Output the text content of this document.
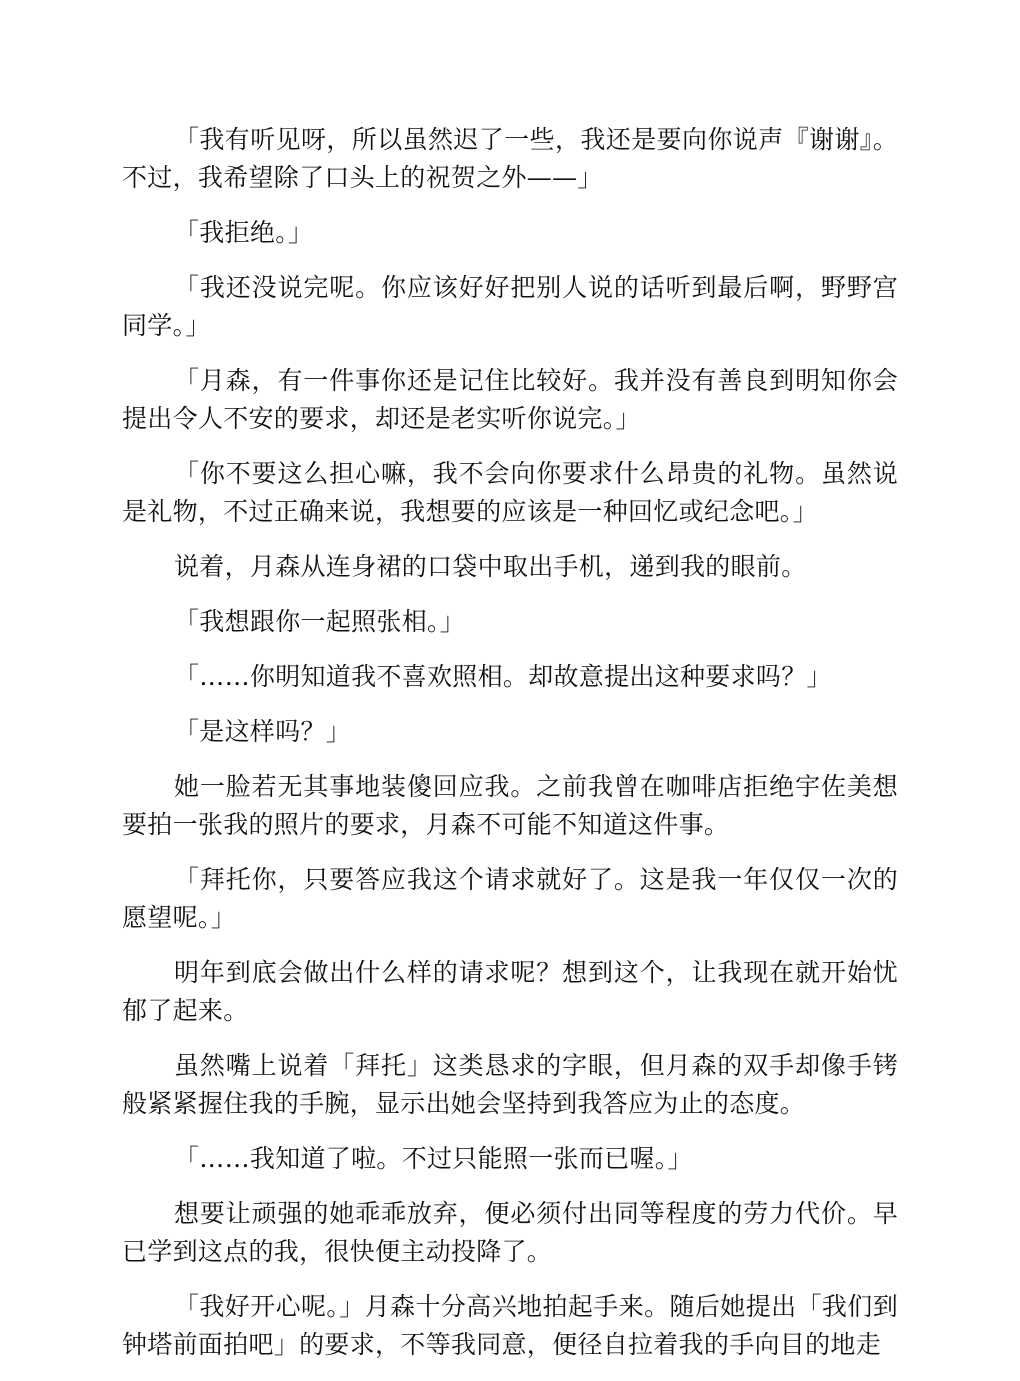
「我有听见呀，所以虽然迟了一些，我还是要向你说声『谢谢』。不过，我希望除了口头上的祝贺之外——」

「我拒绝。」

「我还没说完呢。你应该好好把别人说的话听到最后啊，野野宫同学。」

「月森，有一件事你还是记住比较好。我并没有善良到明知你会提出令人不安的要求，却还是老实听你说完。」

「你不要这么担心嘛，我不会向你要求什么昂贵的礼物。虽然说是礼物，不过正确来说，我想要的应该是一种回忆或纪念吧。」

说着，月森从连身裙的口袋中取出手机，递到我的眼前。

「我想跟你一起照张相。」

「……你明知道我不喜欢照相。却故意提出这种要求吗？」

「是这样吗？」

她一脸若无其事地装傻回应我。之前我曾在咖啡店拒绝宇佐美想要拍一张我的照片的要求，月森不可能不知道这件事。

「拜托你，只要答应我这个请求就好了。这是我一年仅仅一次的愿望呢。」

明年到底会做出什么样的请求呢？想到这个，让我现在就开始忧郁了起来。

虽然嘴上说着「拜托」这类恳求的字眼，但月森的双手却像手铐般紧紧握住我的手腕，显示出她会坚持到我答应为止的态度。

「……我知道了啦。不过只能照一张而已喔。」

想要让顽强的她乖乖放弃，便必须付出同等程度的劳力代价。早已学到这点的我，很快便主动投降了。

「我好开心呢。」月森十分高兴地拍起手来。随后她提出「我们到钟塔前面拍吧」的要求，不等我同意，便径自拉着我的手向目的地走
